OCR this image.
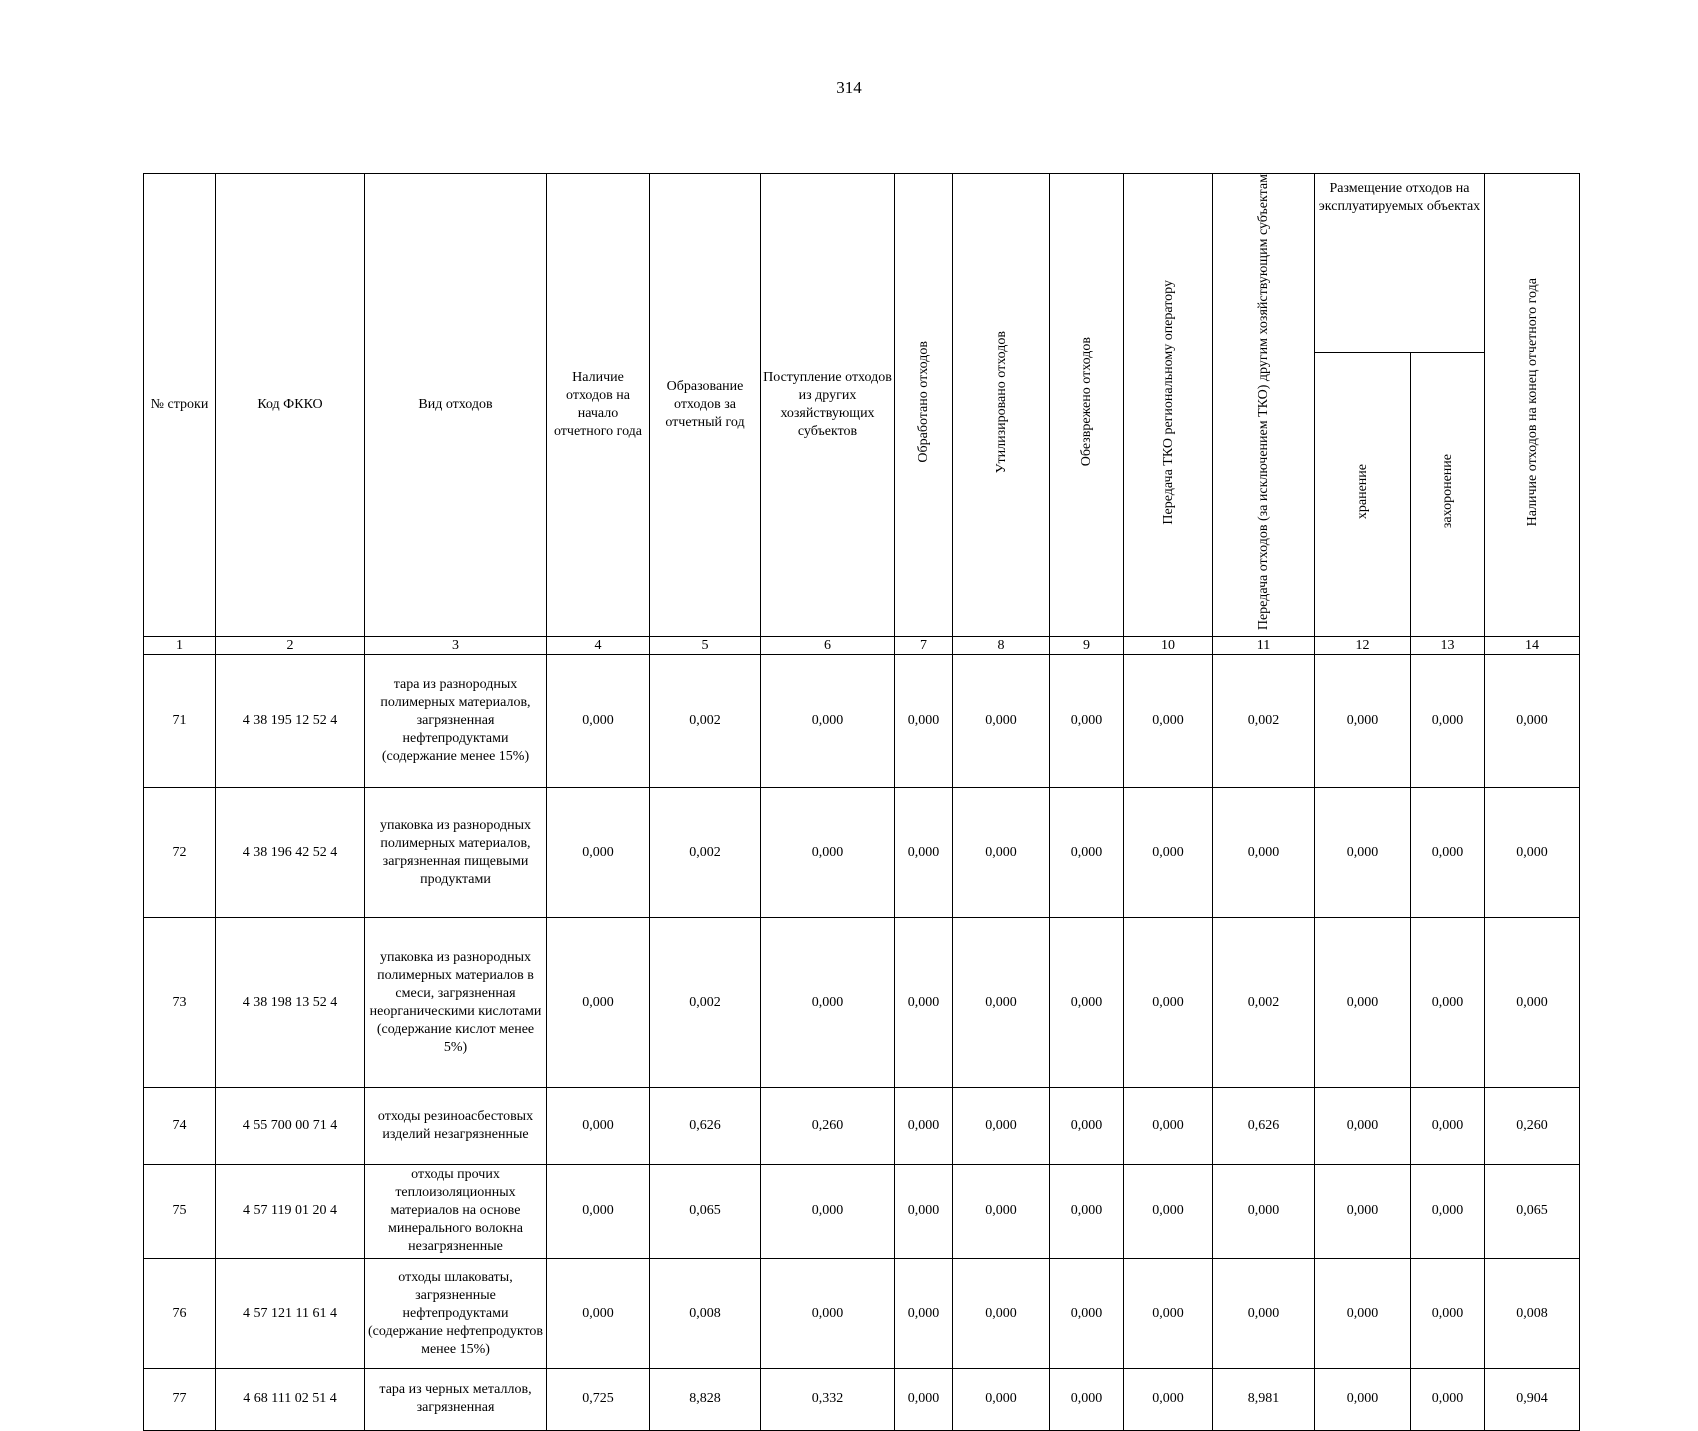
314
№ строки	Код ФККО	Вид отходов	Наличие отходов на начало отчетного года	Образование отходов за отчетный год	Поступление отходов из других хозяйствующих субъектов	Обработано отходов	Утилизировано отходов	Обезврежено отходов	Передача ТКО региональному оператору	Передача отходов (за исключением ТКО) другим хозяйствующим субъектам	Размещение отходов на эксплуатируемых объектах		Наличие отходов на конец отчетного года
											хранение	захоронение	
1	2	3	4	5	6	7	8	9	10	11	12	13	14
71	4 38 195 12 52 4	тара из разнородных полимерных материалов, загрязненная нефтепродуктами (содержание менее 15%)	0,000	0,002	0,000	0,000	0,000	0,000	0,000	0,002	0,000	0,000	0,000
72	4 38 196 42 52 4	упаковка из разнородных полимерных материалов, загрязненная пищевыми продуктами	0,000	0,002	0,000	0,000	0,000	0,000	0,000	0,000	0,000	0,000	0,000
73	4 38 198 13 52 4	упаковка из разнородных полимерных материалов в смеси, загрязненная неорганическими кислотами (содержание кислот менее 5%)	0,000	0,002	0,000	0,000	0,000	0,000	0,000	0,002	0,000	0,000	0,000
74	4 55 700 00 71 4	отходы резиноасбестовых изделий незагрязненные	0,000	0,626	0,260	0,000	0,000	0,000	0,000	0,626	0,000	0,000	0,260
75	4 57 119 01 20 4	отходы прочих теплоизоляционных материалов на основе минерального волокна незагрязненные	0,000	0,065	0,000	0,000	0,000	0,000	0,000	0,000	0,000	0,000	0,065
76	4 57 121 11 61 4	отходы шлаковаты, загрязненные нефтепродуктами (содержание нефтепродуктов менее 15%)	0,000	0,008	0,000	0,000	0,000	0,000	0,000	0,000	0,000	0,000	0,008
77	4 68 111 02 51 4	тара из черных металлов, загрязненная	0,725	8,828	0,332	0,000	0,000	0,000	0,000	8,981	0,000	0,000	0,904
